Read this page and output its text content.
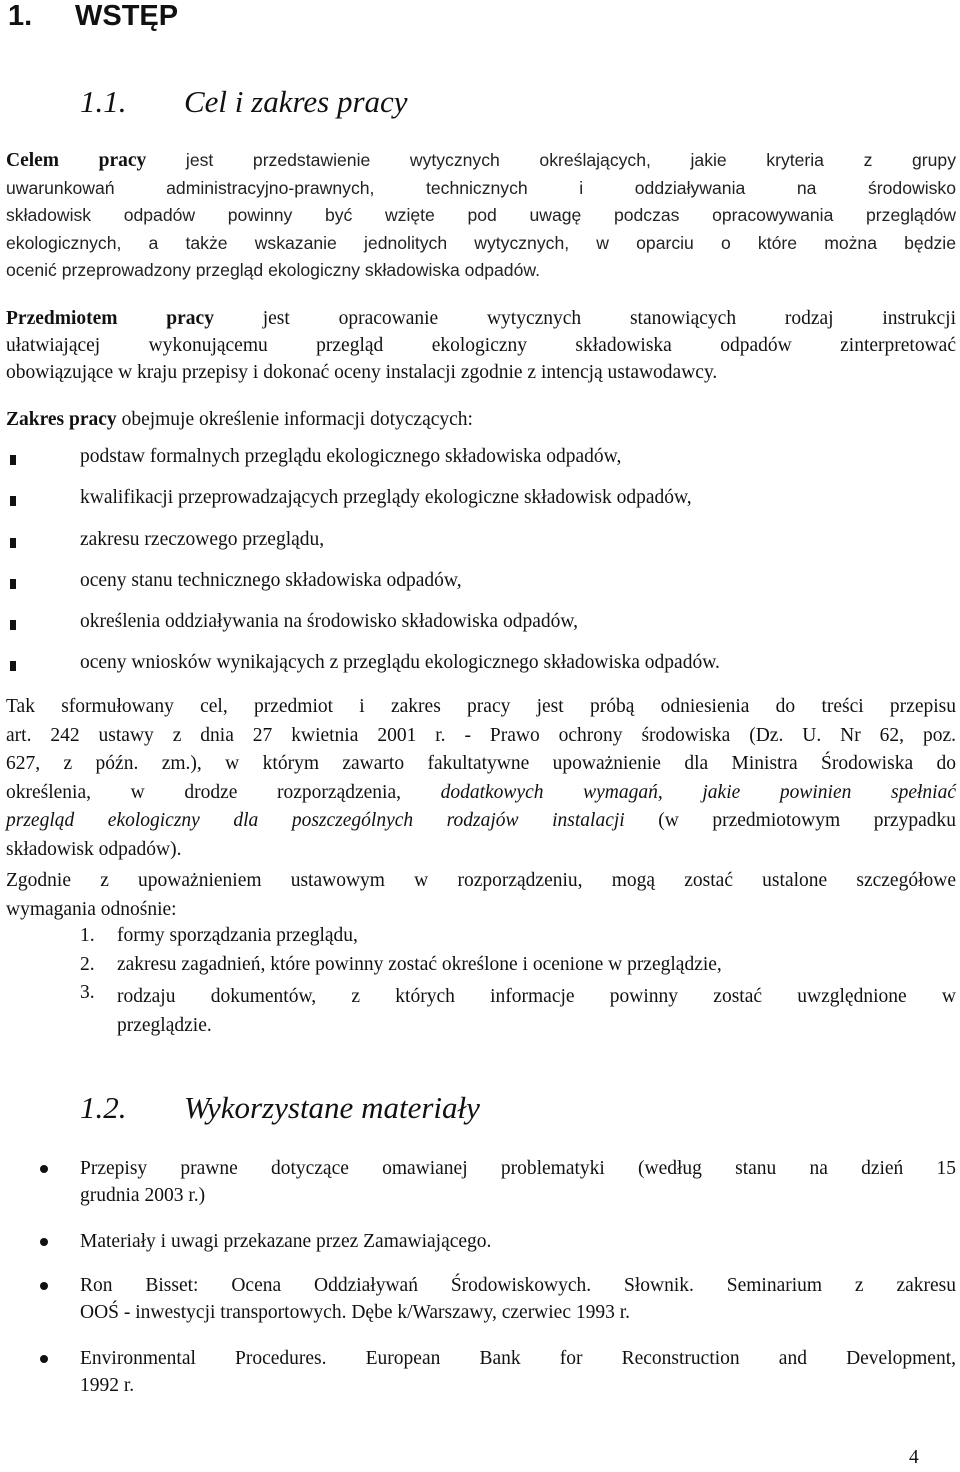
1. WSTĘP
1.1. Cel i zakres pracy
Celem pracy jest przedstawienie wytycznych określających, jakie kryteria z grupy
uwarunkowań administracyjno-prawnych, technicznych i oddziaływania na środowisko
składowisk odpadów powinny być wzięte pod uwagę podczas opracowywania przeglądów
ekologicznych, a także wskazanie jednolitych wytycznych, w oparciu o które można będzie
ocenić przeprowadzony przegląd ekologiczny składowiska odpadów.
Przedmiotem pracy jest opracowanie wytycznych stanowiących rodzaj instrukcji
ułatwiającej wykonującemu przegląd ekologiczny składowiska odpadów zinterpretować
obowiązujące w kraju przepisy i dokonać oceny instalacji zgodnie z intencją ustawodawcy.
Zakres pracy obejmuje określenie informacji dotyczących:
podstaw formalnych przeglądu ekologicznego składowiska odpadów,
kwalifikacji przeprowadzających przeglądy ekologiczne składowisk odpadów,
zakresu rzeczowego przeglądu,
oceny stanu technicznego składowiska odpadów,
określenia oddziaływania na środowisko składowiska odpadów,
oceny wniosków wynikających z przeglądu ekologicznego składowiska odpadów.
Tak sformułowany cel, przedmiot i zakres pracy jest próbą odniesienia do treści przepisu
art. 242 ustawy z dnia 27 kwietnia 2001 r. - Prawo ochrony środowiska (Dz. U. Nr 62, poz.
627, z późn. zm.), w którym zawarto fakultatywne upoważnienie dla Ministra Środowiska do
określenia, w drodze rozporządzenia, dodatkowych wymagań, jakie powinien spełniać
przegląd ekologiczny dla poszczególnych rodzajów instalacji (w przedmiotowym przypadku
składowisk odpadów).
Zgodnie z upoważnieniem ustawowym w rozporządzeniu, mogą zostać ustalone szczegółowe
wymagania odnośnie:
1. formy sporządzania przeglądu,
2. zakresu zagadnień, które powinny zostać określone i ocenione w przeglądzie,
3. rodzaju dokumentów, z których informacje powinny zostać uwzględnione w
przeglądzie.
1.2. Wykorzystane materiały
Przepisy prawne dotyczące omawianej problematyki (według stanu na dzień 15
grudnia 2003 r.)
Materiały i uwagi przekazane przez Zamawiającego.
Ron Bisset: Ocena Oddziaływań Środowiskowych. Słownik. Seminarium z zakresu
OOŚ - inwestycji transportowych. Dębe k/Warszawy, czerwiec 1993 r.
Environmental Procedures. European Bank for Reconstruction and Development,
1992 r.
4
